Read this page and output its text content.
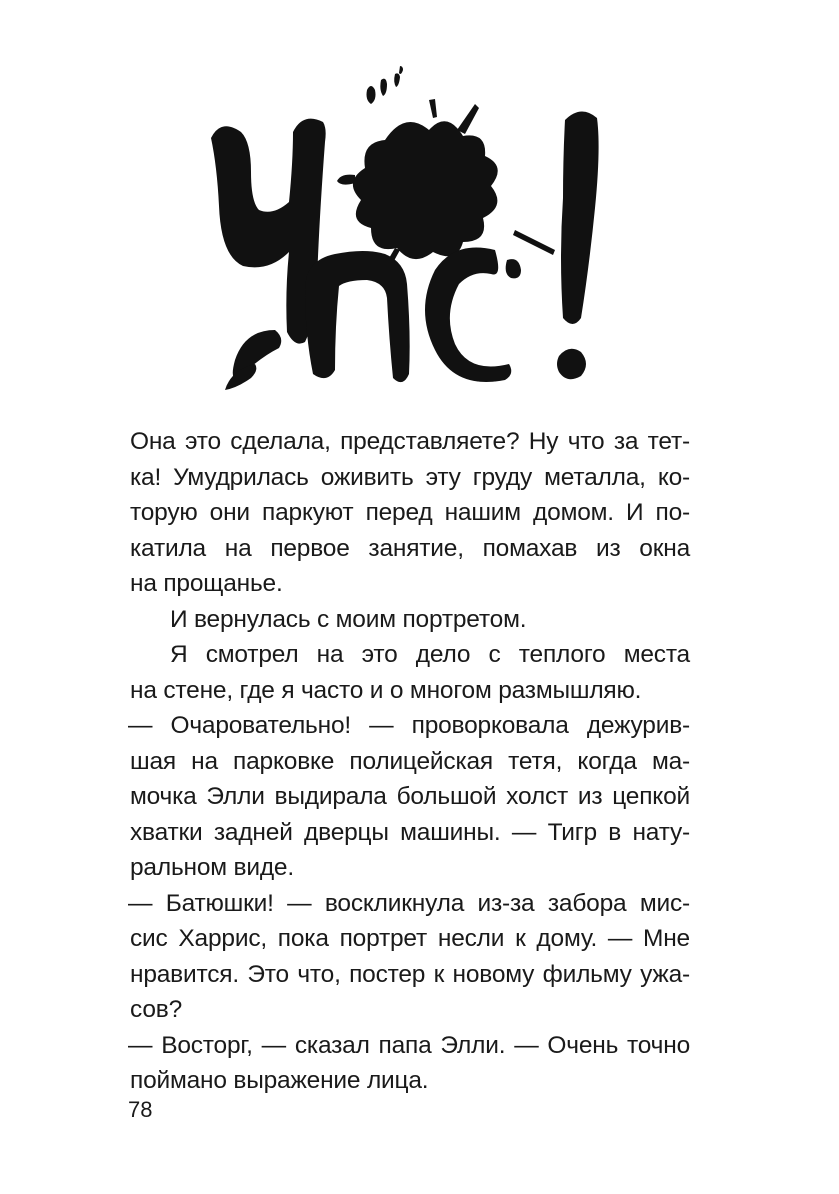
Она это сделала, представляете? Ну что за тет-
ка! Умудрилась оживить эту груду металла, ко-
торую они паркуют перед нашим домом. И по-
катила на первое занятие, помахав из окна
на прощанье.
И вернулась с моим портретом.
Я смотрел на это дело с теплого места
на стене, где я часто и о многом размышляю.
— Очаровательно! — проворковала дежурив-
шая на парковке полицейская тетя, когда ма-
мочка Элли выдирала большой холст из цепкой
хватки задней дверцы машины. — Тигр в нату-
ральном виде.
— Батюшки! — воскликнула из-за забора мис-
сис Харрис, пока портрет несли к дому. — Мне
нравится. Это что, постер к новому фильму ужа-
сов?
— Восторг, — сказал папа Элли. — Очень точно
поймано выражение лица.
78
